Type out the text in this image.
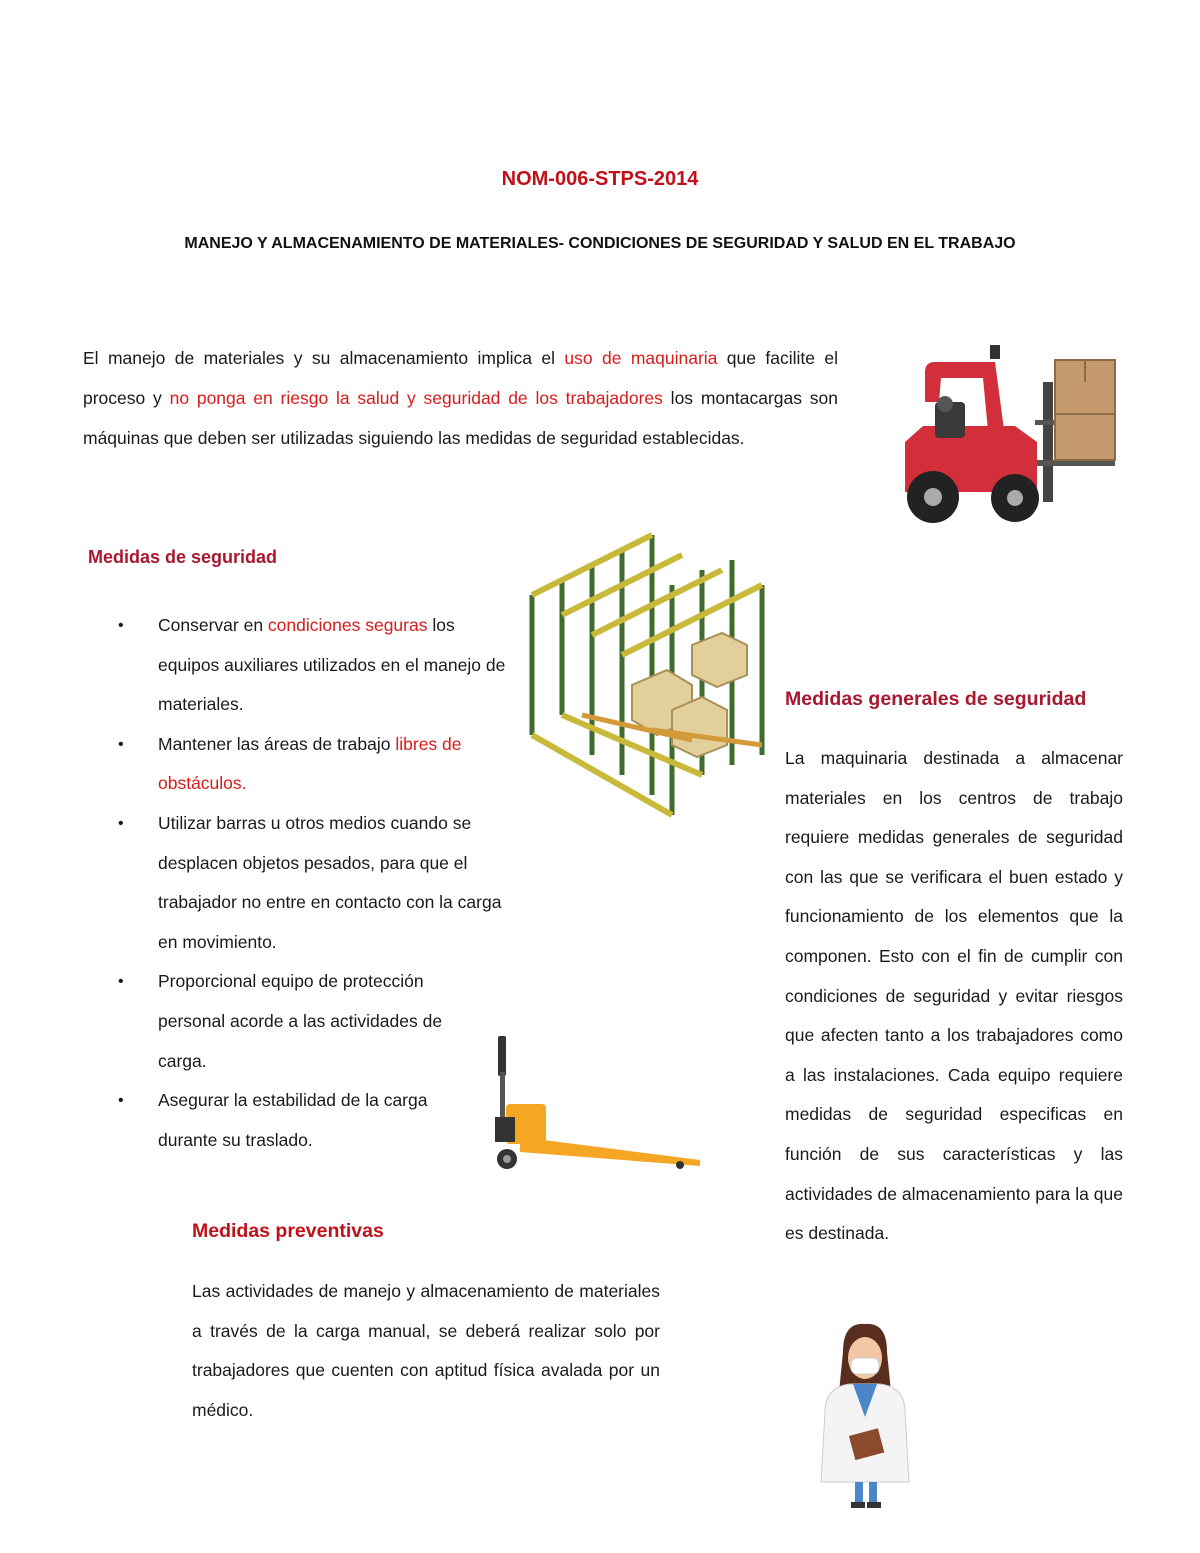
NOM-006-STPS-2014
MANEJO Y ALMACENAMIENTO DE MATERIALES- CONDICIONES DE SEGURIDAD Y SALUD EN EL TRABAJO
El manejo de materiales y su almacenamiento implica el uso de maquinaria que facilite el proceso y no ponga en riesgo la salud y seguridad de los trabajadores los montacargas son máquinas que deben ser utilizadas siguiendo las medidas de seguridad establecidas.
Medidas de seguridad
• Conservar en condiciones seguras los equipos auxiliares utilizados en el manejo de materiales.
• Mantener las áreas de trabajo libres de obstáculos.
• Utilizar barras u otros medios cuando se desplacen objetos pesados, para que el trabajador no entre en contacto con la carga en movimiento.
• Proporcional equipo de protección personal acorde a las actividades de carga.
• Asegurar la estabilidad de la carga durante su traslado.
Medidas generales de seguridad
La maquinaria destinada a almacenar materiales en los centros de trabajo requiere medidas generales de seguridad con las que se verificara el buen estado y funcionamiento de los elementos que la componen. Esto con el fin de cumplir con condiciones de seguridad y evitar riesgos que afecten tanto a los trabajadores como a las instalaciones. Cada equipo requiere medidas de seguridad especificas en función de sus características y las actividades de almacenamiento para la que es destinada.
Medidas preventivas
Las actividades de manejo y almacenamiento de materiales a través de la carga manual, se deberá realizar solo por trabajadores que cuenten con aptitud física avalada por un médico.
